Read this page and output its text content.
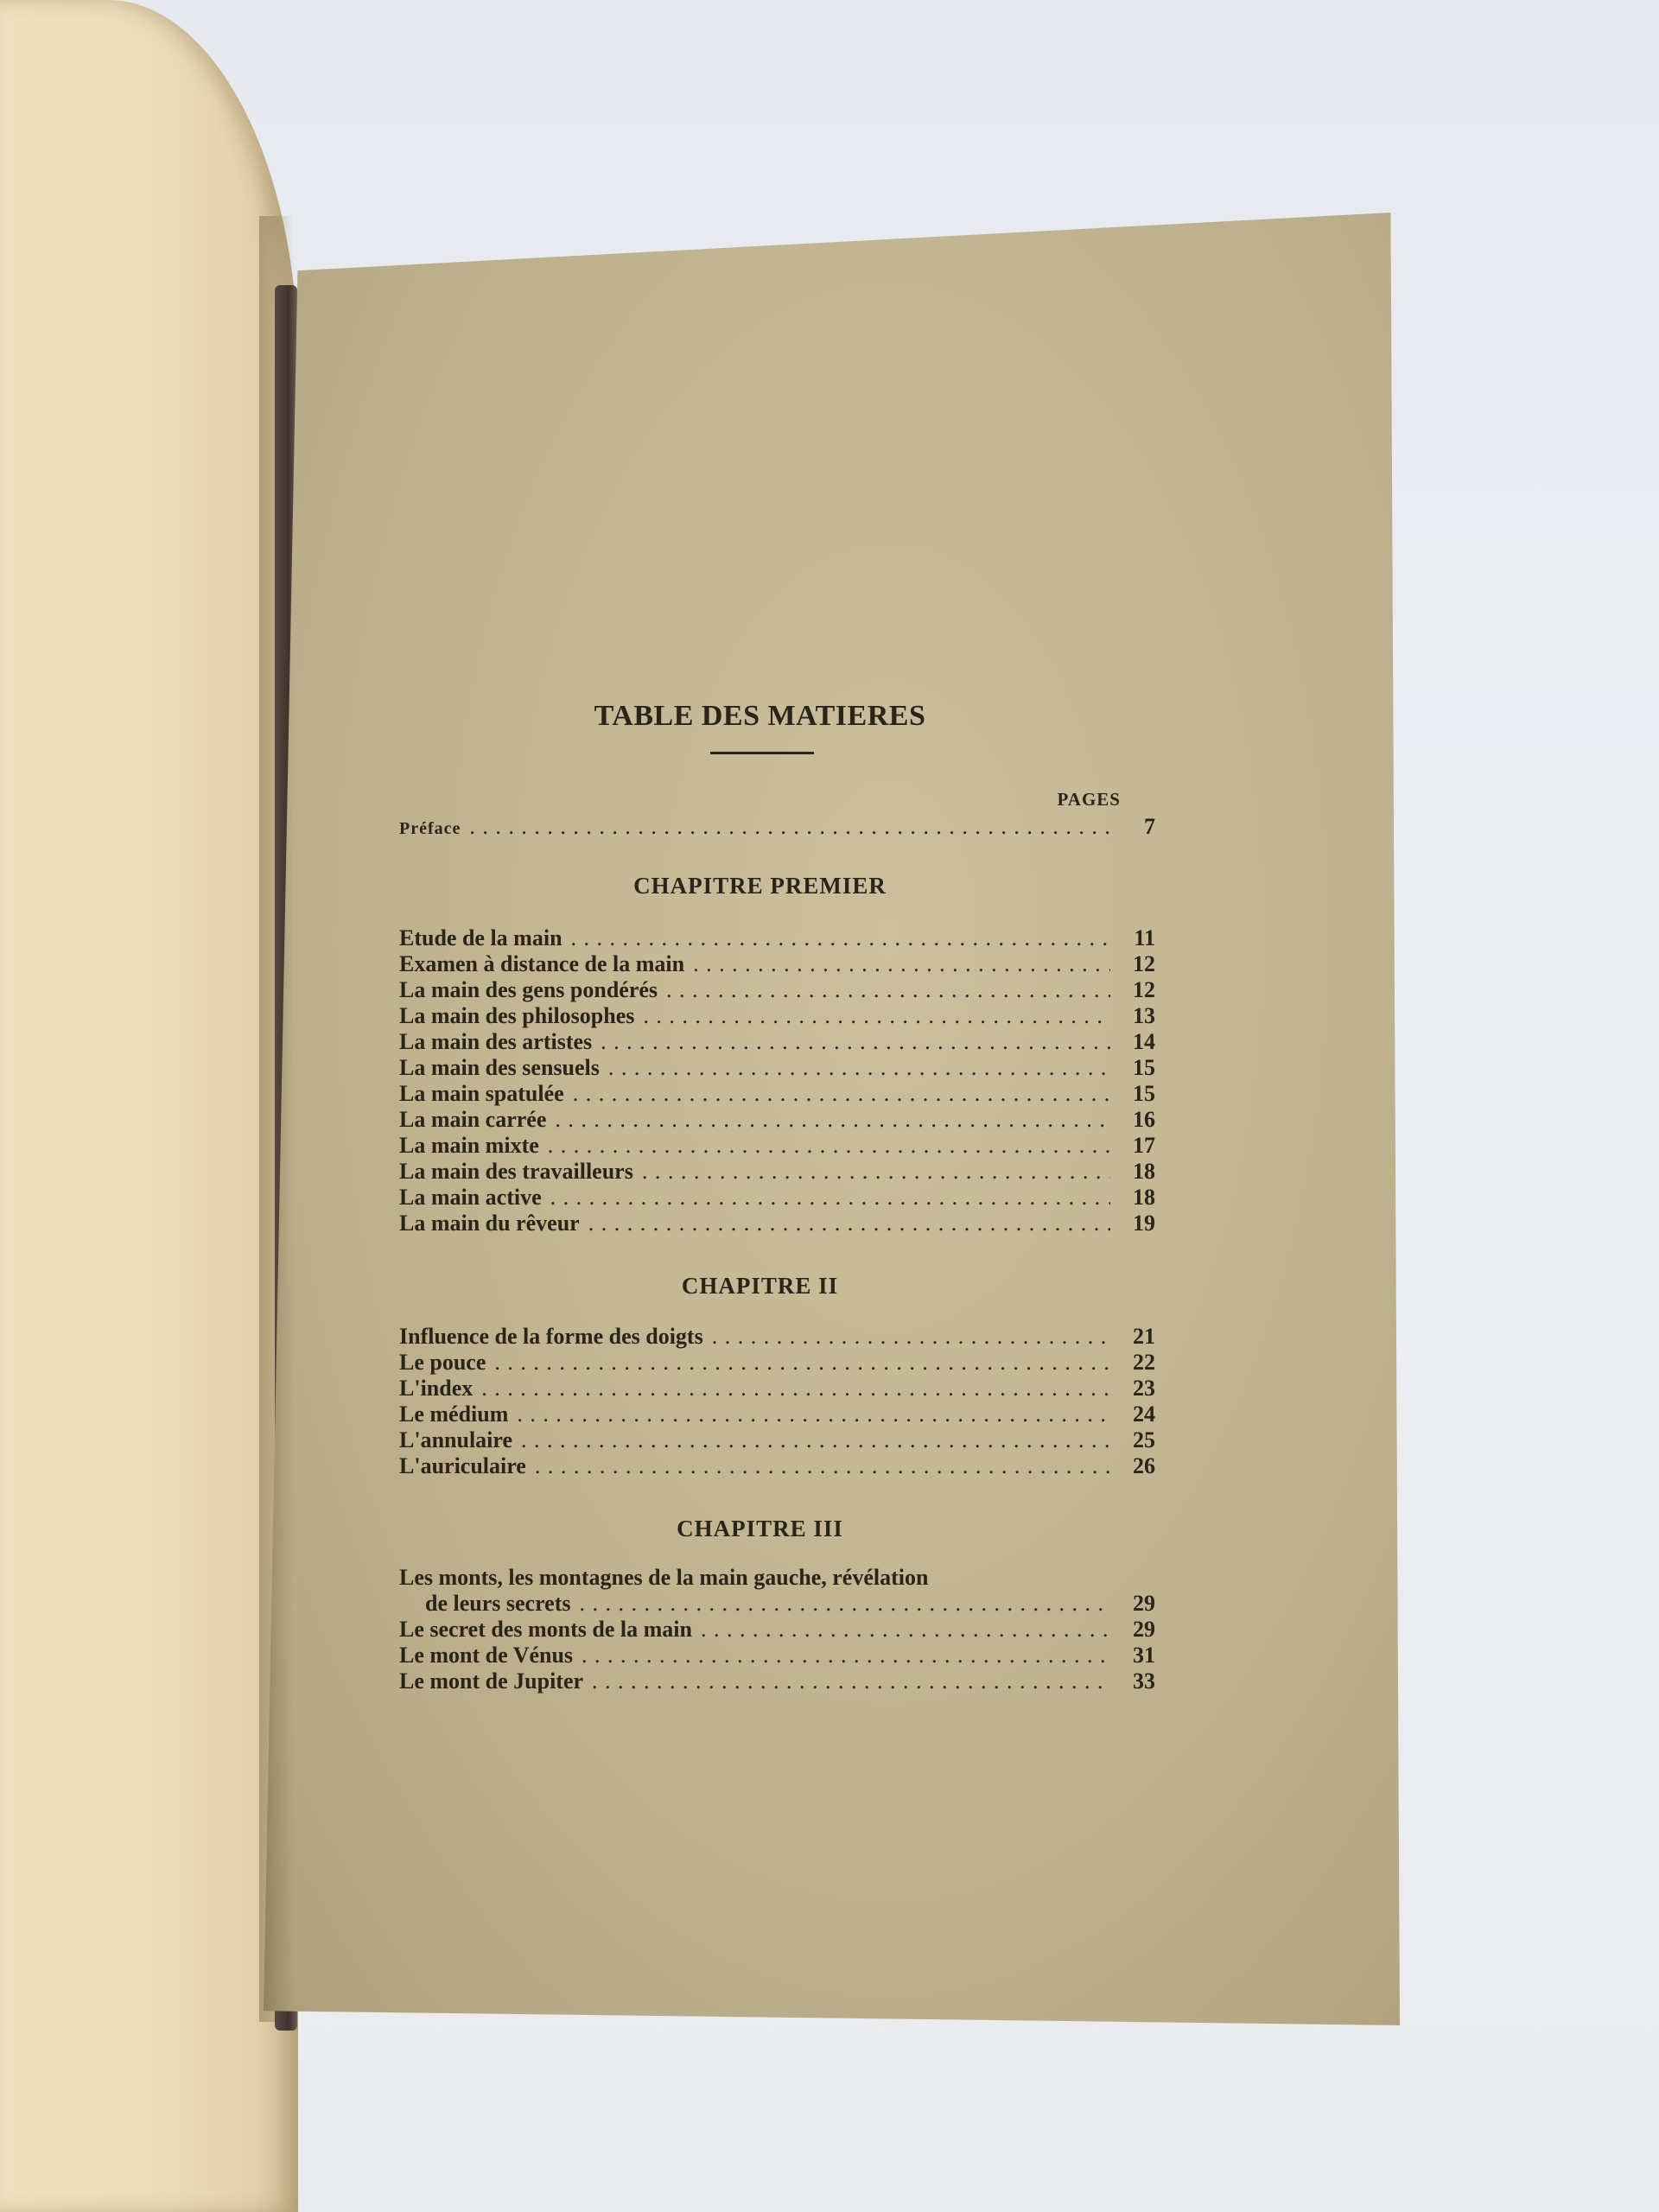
TABLE DES MATIERES
PAGES
Préface . . .	7
CHAPITRE PREMIER
Etude de la main . . .	11
Examen à distance de la main . . .	12
La main des gens pondérés . . .	12
La main des philosophes . . .	13
La main des artistes . . .	14
La main des sensuels . . .	15
La main spatulée . . .	15
La main carrée . . .	16
La main mixte . . .	17
La main des travailleurs . . .	18
La main active . . .	18
La main du rêveur . . .	19
CHAPITRE II
Influence de la forme des doigts . . .	21
Le pouce . . .	22
L'index . . .	23
Le médium . . .	24
L'annulaire . . .	25
L'auriculaire . . .	26
CHAPITRE III
Les monts, les montagnes de la main gauche, révélation
de leurs secrets . . .	29
Le secret des monts de la main . . .	29
Le mont de Vénus . . .	31
Le mont de Jupiter . . .	33
